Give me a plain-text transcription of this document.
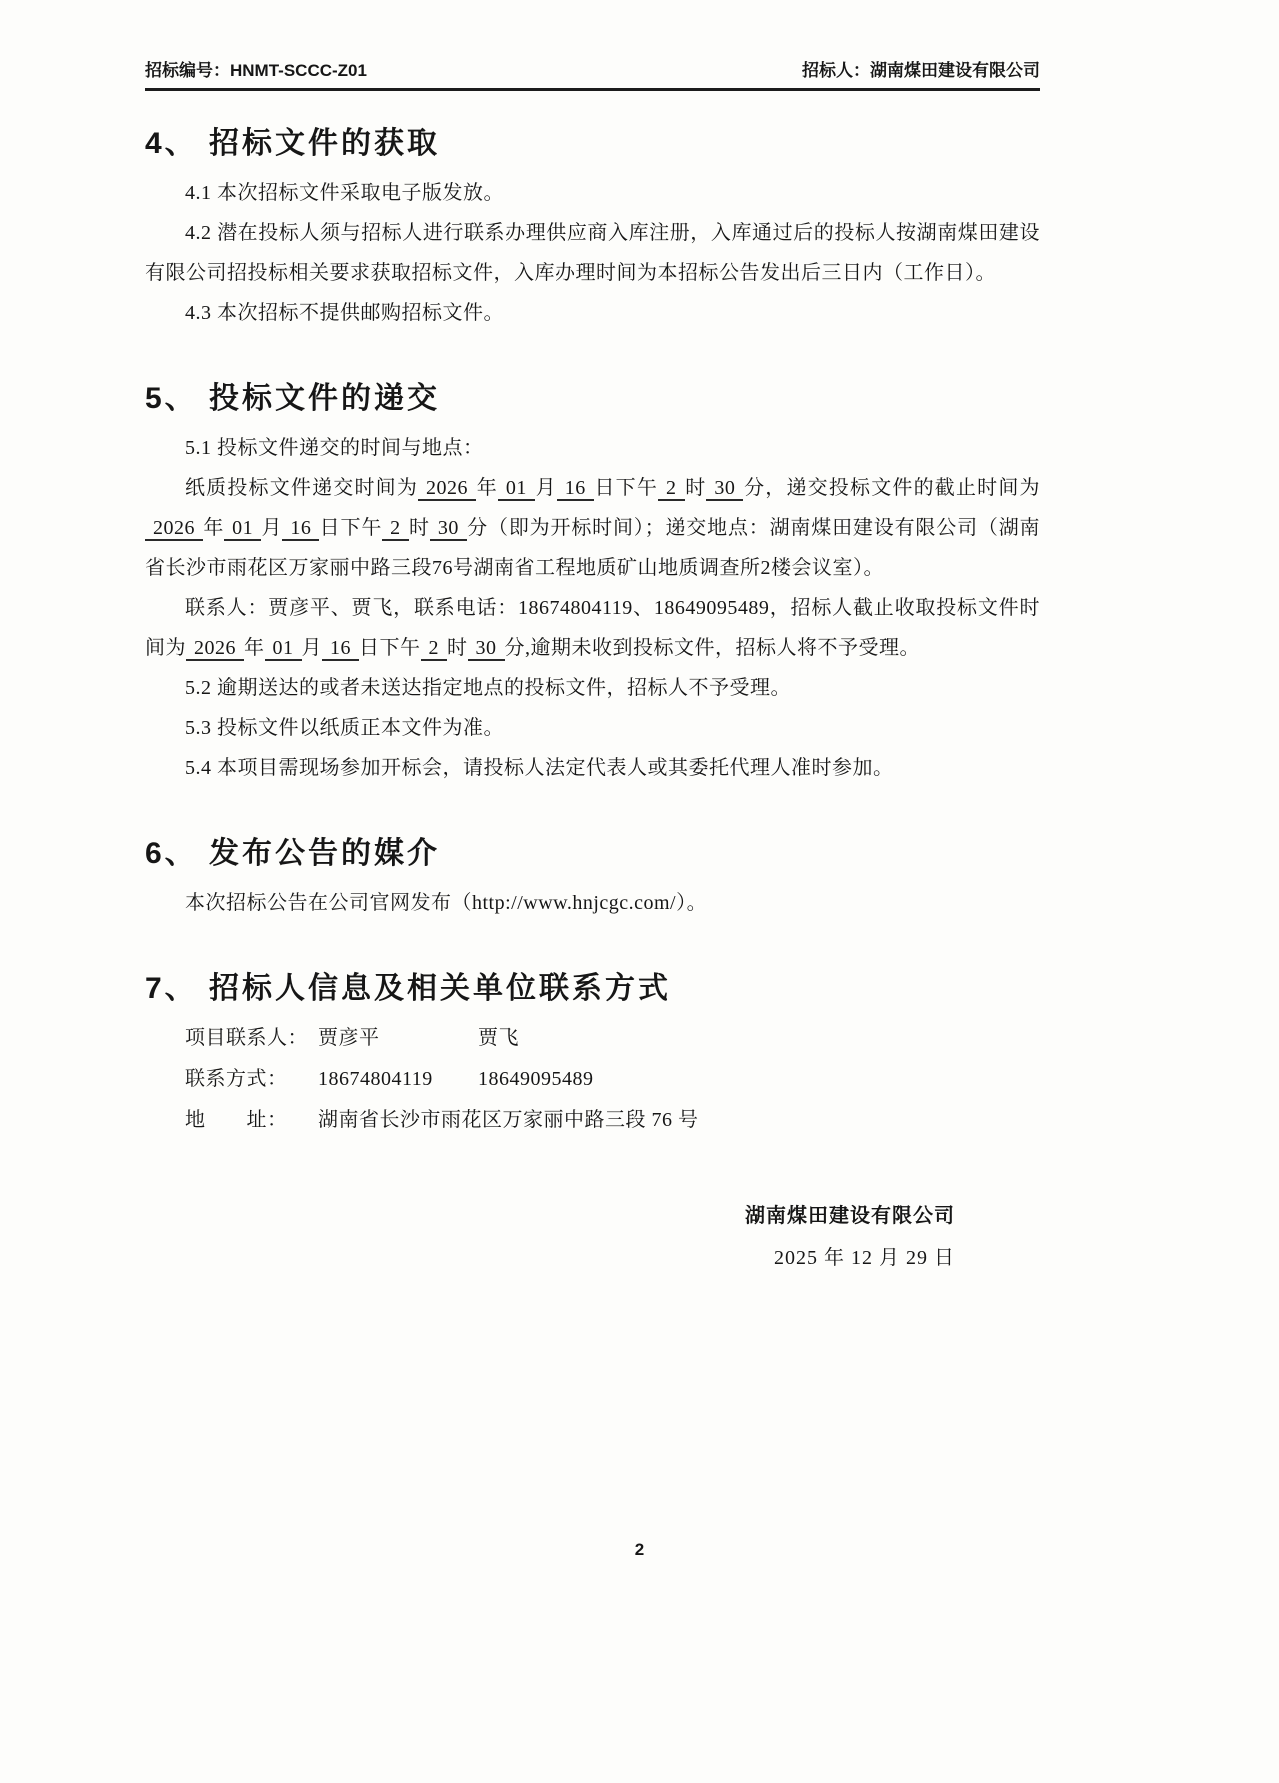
招标编号：HNMT-SCCC-Z01	招标人：湖南煤田建设有限公司
4、 招标文件的获取

4.1 本次招标文件采取电子版发放。

4.2 潜在投标人须与招标人进行联系办理供应商入库注册，入库通过后的投标人按湖南煤田建设有限公司招投标相关要求获取招标文件，入库办理时间为本招标公告发出后三日内（工作日）。

4.3 本次招标不提供邮购招标文件。

5、 投标文件的递交

5.1 投标文件递交的时间与地点：

纸质投标文件递交时间为 2026 年 01 月 16 日下午 2 时 30 分，递交投标文件的截止时间为2026 年 01 月 16 日下午 2 时 30 分（即为开标时间）；递交地点：湖南煤田建设有限公司（湖南省长沙市雨花区万家丽中路三段76号湖南省工程地质矿山地质调查所2楼会议室）。

联系人：贾彦平、贾飞，联系电话：18674804119、18649095489，招标人截止收取投标文件时间为 2026 年 01 月 16 日下午 2 时 30 分,逾期未收到投标文件，招标人将不予受理。

5.2 逾期送达的或者未送达指定地点的投标文件，招标人不予受理。

5.3 投标文件以纸质正本文件为准。

5.4 本项目需现场参加开标会，请投标人法定代表人或其委托代理人准时参加。

6、 发布公告的媒介

本次招标公告在公司官网发布（http://www.hnjcgc.com/）。

7、 招标人信息及相关单位联系方式
项目联系人： 贾彦平	贾飞
联系方式：	18674804119	18649095489
地　　址：	湖南省长沙市雨花区万家丽中路三段 76 号
湖南煤田建设有限公司
2025 年 12 月 29 日
2
